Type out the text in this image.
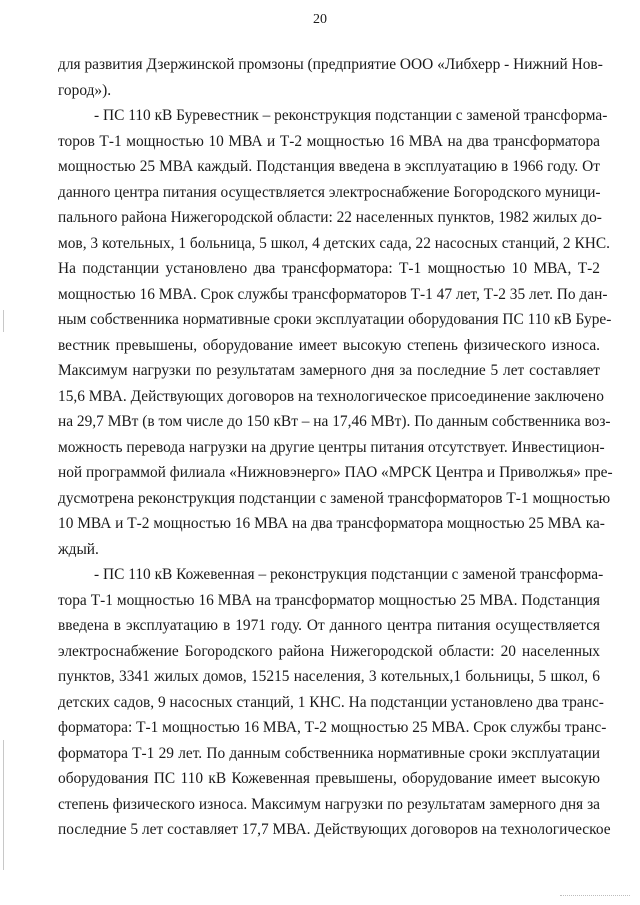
20
для развития Дзержинской промзоны (предприятие ООО «Либхерр - Нижний Нов-
город»).
- ПС 110 кВ Буревестник – реконструкция подстанции с заменой трансформа-
торов Т-1 мощностью 10 МВА и Т-2 мощностью 16 МВА на два трансформатора
мощностью 25 МВА каждый. Подстанция введена в эксплуатацию в 1966 году. От
данного центра питания осуществляется электроснабжение Богородского муници-
пального района Нижегородской области: 22 населенных пунктов, 1982 жилых до-
мов, 3 котельных, 1 больница, 5 школ, 4 детских сада, 22 насосных станций, 2 КНС.
На подстанции установлено два трансформатора: Т-1 мощностью 10 МВА, Т-2
мощностью 16 МВА. Срок службы трансформаторов Т-1 47 лет, Т-2 35 лет. По дан-
ным собственника нормативные сроки эксплуатации оборудования ПС 110 кВ Буре-
вестник превышены, оборудование имеет высокую степень физического износа.
Максимум нагрузки по результатам замерного дня за последние 5 лет составляет
15,6 МВА. Действующих договоров на технологическое присоединение заключено
на 29,7 МВт (в том числе до 150 кВт – на 17,46 МВт). По данным собственника воз-
можность перевода нагрузки на другие центры питания отсутствует. Инвестицион-
ной программой филиала «Нижновэнерго» ПАО «МРСК Центра и Приволжья» пре-
дусмотрена реконструкция подстанции с заменой трансформаторов Т-1 мощностью
10 МВА и Т-2 мощностью 16 МВА на два трансформатора мощностью 25 МВА ка-
ждый.
- ПС 110 кВ Кожевенная – реконструкция подстанции с заменой трансформа-
тора Т-1 мощностью 16 МВА на трансформатор мощностью 25 МВА. Подстанция
введена в эксплуатацию в 1971 году. От данного центра питания осуществляется
электроснабжение Богородского района Нижегородской области: 20 населенных
пунктов, 3341 жилых домов, 15215 населения, 3 котельных,1 больницы, 5 школ, 6
детских садов, 9 насосных станций, 1 КНС. На подстанции установлено два транс-
форматора: Т-1 мощностью 16 МВА, Т-2 мощностью 25 МВА. Срок службы транс-
форматора Т-1 29 лет. По данным собственника нормативные сроки эксплуатации
оборудования ПС 110 кВ Кожевенная превышены, оборудование имеет высокую
степень физического износа. Максимум нагрузки по результатам замерного дня за
последние 5 лет составляет 17,7 МВА. Действующих договоров на технологическое
